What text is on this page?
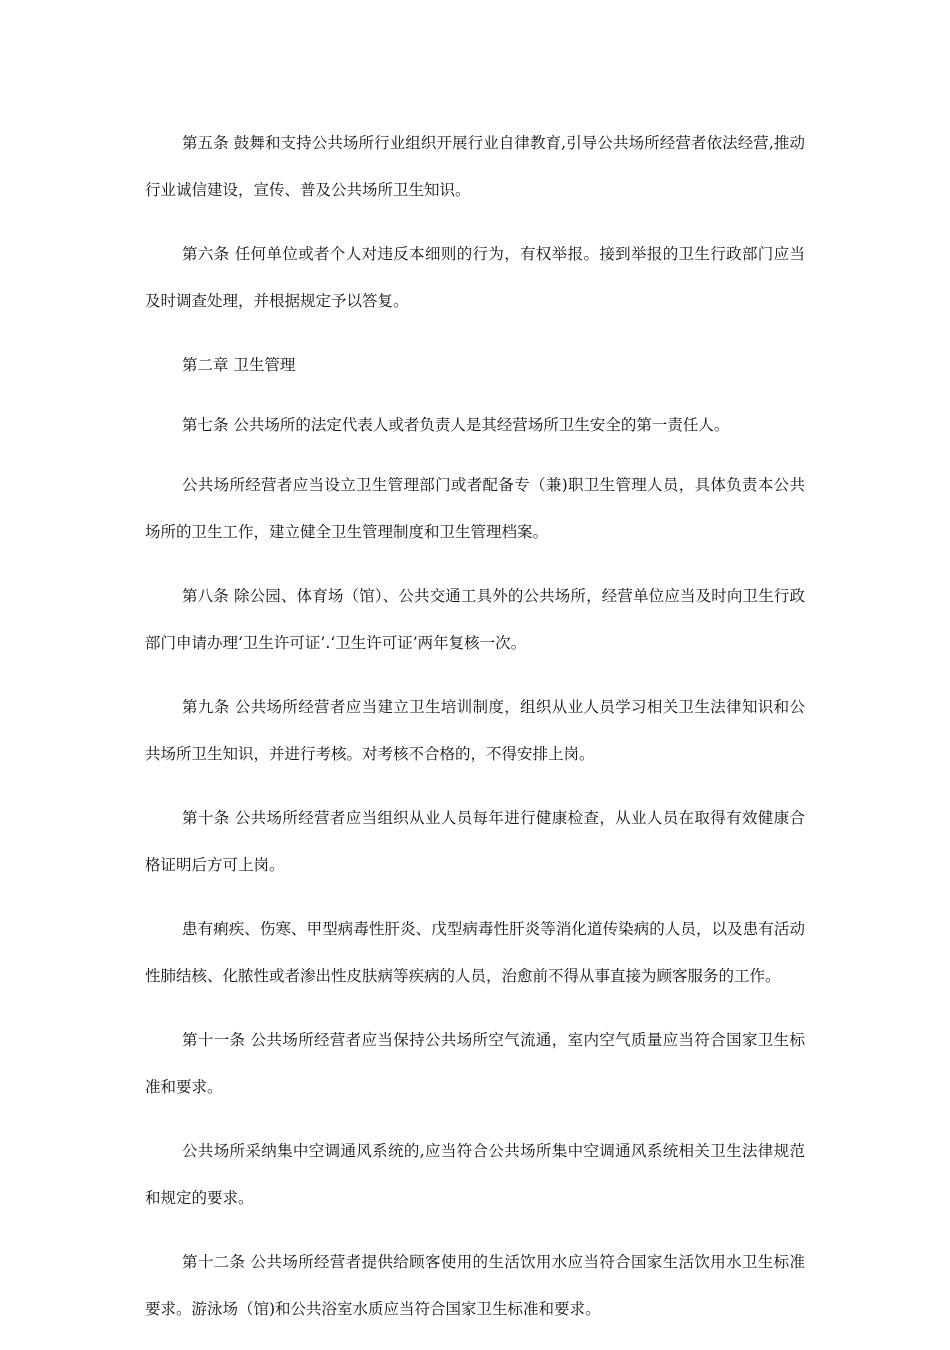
第五条 鼓舞和支持公共场所行业组织开展行业自律教育,引导公共场所经营者依法经营,推动行业诚信建设，宣传、普及公共场所卫生知识。

第六条 任何单位或者个人对违反本细则的行为，有权举报。接到举报的卫生行政部门应当及时调查处理，并根据规定予以答复。

第二章 卫生管理

第七条 公共场所的法定代表人或者负责人是其经营场所卫生安全的第一责任人。

公共场所经营者应当设立卫生管理部门或者配备专（兼)职卫生管理人员，具体负责本公共场所的卫生工作，建立健全卫生管理制度和卫生管理档案。

第八条 除公园、体育场（馆）、公共交通工具外的公共场所，经营单位应当及时向卫生行政部门申请办理‘卫生许可证’.‘卫生许可证’两年复核一次。

第九条 公共场所经营者应当建立卫生培训制度，组织从业人员学习相关卫生法律知识和公共场所卫生知识，并进行考核。对考核不合格的，不得安排上岗。

第十条 公共场所经营者应当组织从业人员每年进行健康检查，从业人员在取得有效健康合格证明后方可上岗。

患有痢疾、伤寒、甲型病毒性肝炎、戊型病毒性肝炎等消化道传染病的人员，以及患有活动性肺结核、化脓性或者渗出性皮肤病等疾病的人员，治愈前不得从事直接为顾客服务的工作。

第十一条 公共场所经营者应当保持公共场所空气流通，室内空气质量应当符合国家卫生标准和要求。

公共场所采纳集中空调通风系统的,应当符合公共场所集中空调通风系统相关卫生法律规范和规定的要求。

第十二条 公共场所经营者提供给顾客使用的生活饮用水应当符合国家生活饮用水卫生标准要求。游泳场（馆)和公共浴室水质应当符合国家卫生标准和要求。
